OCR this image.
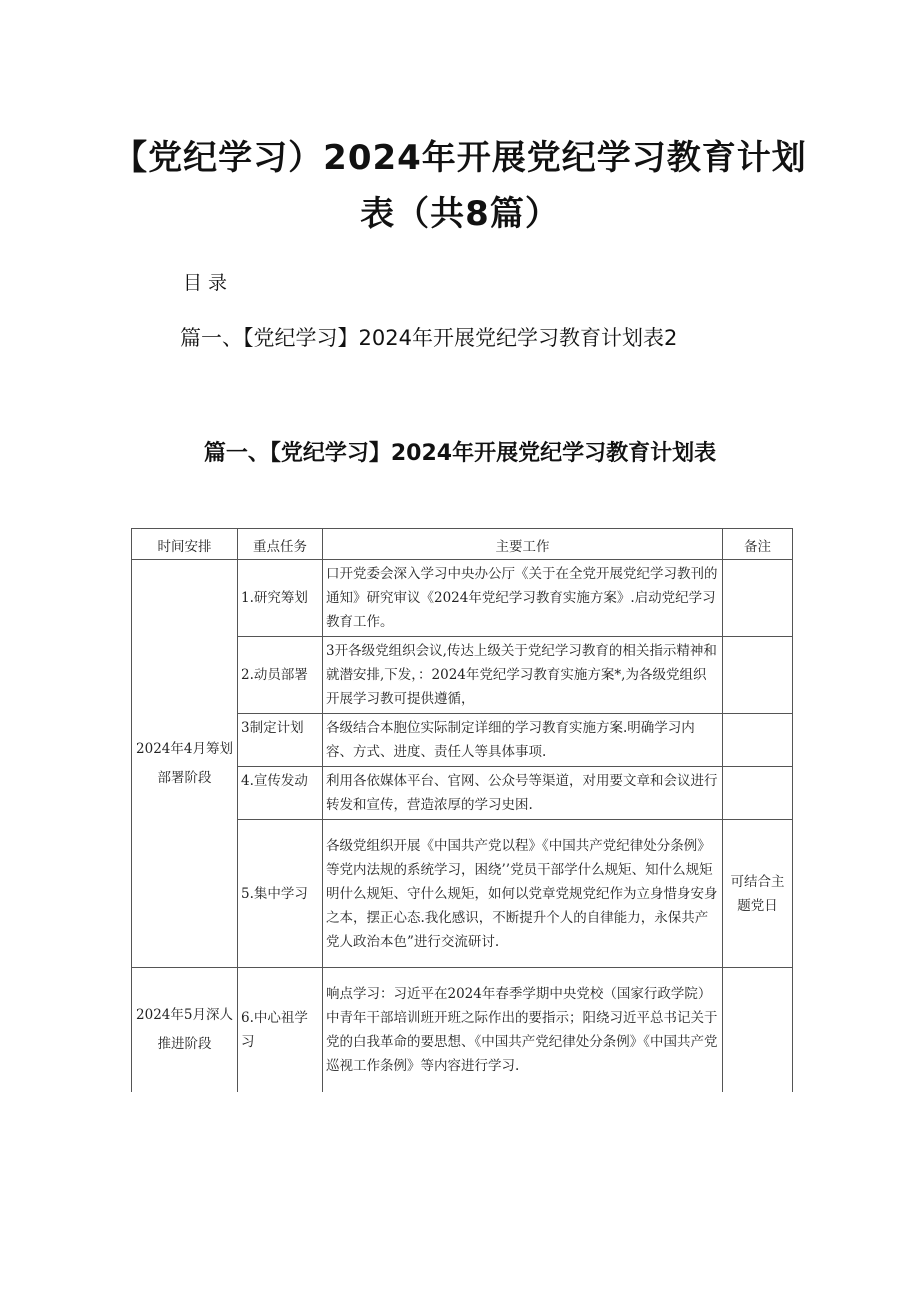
【党纪学习）2024年开展党纪学习教育计划
表（共8篇）
目录
篇一、【党纪学习】2024年开展党纪学习教育计划表2
篇一、【党纪学习】2024年开展党纪学习教育计划表
时间安排	重点任务	主要工作	备注
2024年4月筹划部署阶段	1.研究筹划	口开党委会深入学习中央办公厅《关于在全党开展党纪学习教刊的通知》研究审议《2024年党纪学习教育实施方案》.启动党纪学习教育工作。	
	2.动员部署	3开各级党组织会议,传达上级关于党纪学习教育的相关指示精神和就潜安排,下发，：2024年党纪学习教育实施方案*,为各级党组织开展学习教可提供遵循，	
	3制定计划	各级结合本胞位实际制定详细的学习教育实施方案.明确学习内容、方式、进度、责任人等具体事项.	
	4.宣传发动	利用各依媒体平台、官网、公众号等渠道，对用要文章和会议进行转发和宣传，营造浓厚的学习史困.	
	5.集中学习	各级党组织开展《中国共产党以程》《中国共产党纪律处分条例》等党内法规的系统学习，困绕’’党员干部学什么规矩、知什么规矩明什么规矩、守什么规矩，如何以党章党规党纪作为立身惜身安身之本，摆正心态.我化感识，不断提升个人的自律能力，永保共产党人政治本色”进行交流研讨.	可结合主题党日
2024年5月深人推进阶段	6.中心祖学习	响点学习：习近平在2024年春季学期中央党校（国家行政学院）中青年干部培训班开班之际作出的要指示；阳绕习近平总书记关于党的白我革命的要思想、《中国共产党纪律处分条例》《中国共产党巡视工作条例》等内容进行学习.	
